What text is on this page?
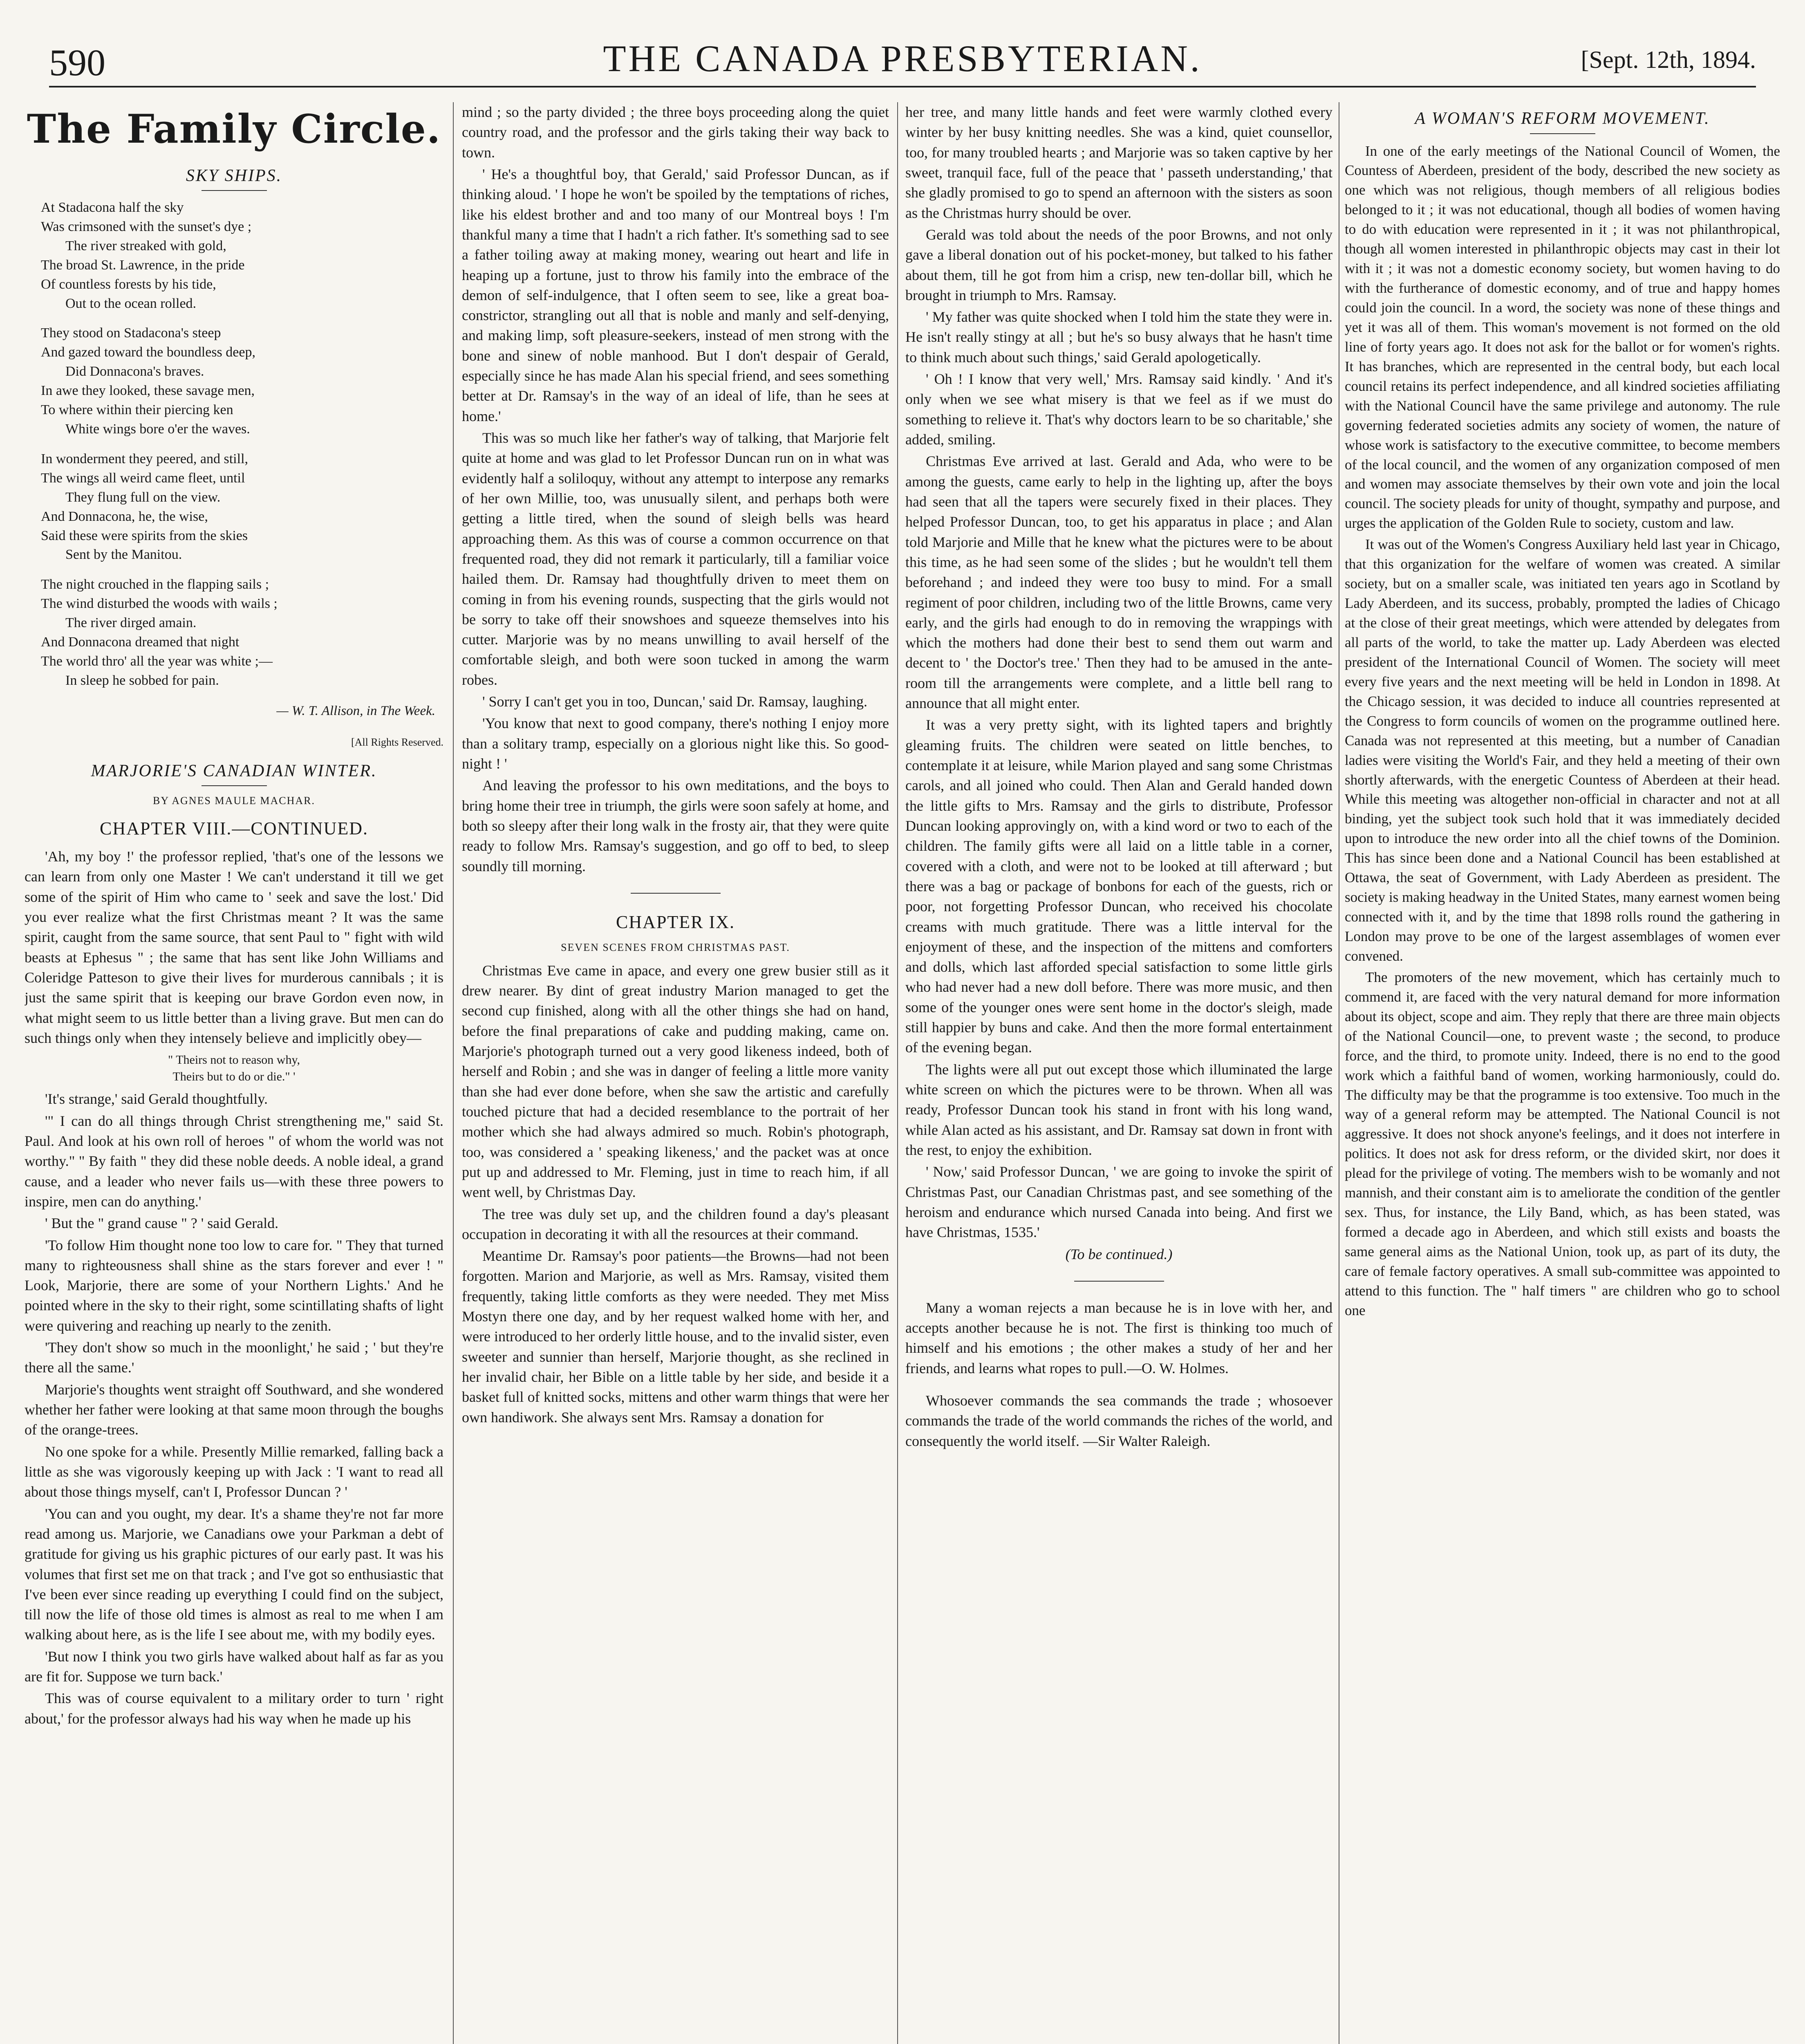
590	THE CANADA PRESBYTERIAN.	[Sept. 12th, 1894.
The Family Circle.
SKY SHIPS.
At Stadacona half the sky
Was crimsoned with the sunset's dye ;
The river streaked with gold,
The broad St. Lawrence, in the pride
Of countless forests by his tide,
Out to the ocean rolled.
They stood on Stadacona's steep
And gazed toward the boundless deep,
Did Donnacona's braves.
In awe they looked, these savage men,
To where within their piercing ken
White wings bore o'er the waves.
In wonderment they peered, and still,
The wings all weird came fleet, until
They flung full on the view.
And Donnacona, he, the wise,
Said these were spirits from the skies
Sent by the Manitou.
The night crouched in the flapping sails ;
The wind disturbed the woods with wails ;
The river dirged amain.
And Donnacona dreamed that night
The world thro' all the year was white ;—
In sleep he sobbed for pain.
— W. T. Allison, in The Week.
[All Rights Reserved.
MARJORIE'S CANADIAN WINTER.
BY AGNES MAULE MACHAR.
CHAPTER VIII.—CONTINUED.

'Ah, my boy !' the professor replied, 'that's one of the lessons we can learn from only one Master ! We can't understand it till we get some of the spirit of Him who came to ' seek and save the lost.' Did you ever realize what the first Christmas meant ? It was the same spirit, caught from the same source, that sent Paul to " fight with wild beasts at Ephesus " ; the same that has sent like John Williams and Coleridge Patteson to give their lives for murderous cannibals ; it is just the same spirit that is keeping our brave Gordon even now, in what might seem to us little better than a living grave. But men can do such things only when they intensely believe and implicitly obey—

" Theirs not to reason why,
Theirs but to do or die." '

'It's strange,' said Gerald thoughtfully.

'" I can do all things through Christ strengthening me," said St. Paul. And look at his own roll of heroes " of whom the world was not worthy." " By faith " they did these noble deeds. A noble ideal, a grand cause, and a leader who never fails us—with these three powers to inspire, men can do anything.'

' But the " grand cause " ? ' said Gerald.

'To follow Him thought none too low to care for. " They that turned many to righteousness shall shine as the stars forever and ever ! " Look, Marjorie, there are some of your Northern Lights.' And he pointed where in the sky to their right, some scintillating shafts of light were quivering and reaching up nearly to the zenith.

'They don't show so much in the moonlight,' he said ; ' but they're there all the same.'

Marjorie's thoughts went straight off Southward, and she wondered whether her father were looking at that same moon through the boughs of the orange-trees.

No one spoke for a while. Presently Millie remarked, falling back a little as she was vigorously keeping up with Jack : 'I want to read all about those things myself, can't I, Professor Duncan ? '

'You can and you ought, my dear. It's a shame they're not far more read among us. Marjorie, we Canadians owe your Parkman a debt of gratitude for giving us his graphic pictures of our early past. It was his volumes that first set me on that track ; and I've got so enthusiastic that I've been ever since reading up everything I could find on the subject, till now the life of those old times is almost as real to me when I am walking about here, as is the life I see about me, with my bodily eyes.

'But now I think you two girls have walked about half as far as you are fit for. Suppose we turn back.'

This was of course equivalent to a military order to turn ' right about,' for the professor always had his way when he made up his

mind ; so the party divided ; the three boys proceeding along the quiet country road, and the professor and the girls taking their way back to town.

' He's a thoughtful boy, that Gerald,' said Professor Duncan, as if thinking aloud. ' I hope he won't be spoiled by the temptations of riches, like his eldest brother and and too many of our Montreal boys ! I'm thankful many a time that I hadn't a rich father. It's something sad to see a father toiling away at making money, wearing out heart and life in heaping up a fortune, just to throw his family into the embrace of the demon of self-indulgence, that I often seem to see, like a great boa-constrictor, strangling out all that is noble and manly and self-denying, and making limp, soft pleasure-seekers, instead of men strong with the bone and sinew of noble manhood. But I don't despair of Gerald, especially since he has made Alan his special friend, and sees something better at Dr. Ramsay's in the way of an ideal of life, than he sees at home.'

This was so much like her father's way of talking, that Marjorie felt quite at home and was glad to let Professor Duncan run on in what was evidently half a soliloquy, without any attempt to interpose any remarks of her own Millie, too, was unusually silent, and perhaps both were getting a little tired, when the sound of sleigh bells was heard approaching them. As this was of course a common occurrence on that frequented road, they did not remark it particularly, till a familiar voice hailed them. Dr. Ramsay had thoughtfully driven to meet them on coming in from his evening rounds, suspecting that the girls would not be sorry to take off their snowshoes and squeeze themselves into his cutter. Marjorie was by no means unwilling to avail herself of the comfortable sleigh, and both were soon tucked in among the warm robes.

' Sorry I can't get you in too, Duncan,' said Dr. Ramsay, laughing.

'You know that next to good company, there's nothing I enjoy more than a solitary tramp, especially on a glorious night like this. So good-night ! '

And leaving the professor to his own meditations, and the boys to bring home their tree in triumph, the girls were soon safely at home, and both so sleepy after their long walk in the frosty air, that they were quite ready to follow Mrs. Ramsay's suggestion, and go off to bed, to sleep soundly till morning.

CHAPTER IX.
SEVEN SCENES FROM CHRISTMAS PAST.

Christmas Eve came in apace, and every one grew busier still as it drew nearer. By dint of great industry Marion managed to get the second cup finished, along with all the other things she had on hand, before the final preparations of cake and pudding making, came on. Marjorie's photograph turned out a very good likeness indeed, both of herself and Robin ; and she was in danger of feeling a little more vanity than she had ever done before, when she saw the artistic and carefully touched picture that had a decided resemblance to the portrait of her mother which she had always admired so much. Robin's photograph, too, was considered a ' speaking likeness,' and the packet was at once put up and addressed to Mr. Fleming, just in time to reach him, if all went well, by Christmas Day.

The tree was duly set up, and the children found a day's pleasant occupation in decorating it with all the resources at their command.

Meantime Dr. Ramsay's poor patients—the Browns—had not been forgotten. Marion and Marjorie, as well as Mrs. Ramsay, visited them frequently, taking little comforts as they were needed. They met Miss Mostyn there one day, and by her request walked home with her, and were introduced to her orderly little house, and to the invalid sister, even sweeter and sunnier than herself, Marjorie thought, as she reclined in her invalid chair, her Bible on a little table by her side, and beside it a basket full of knitted socks, mittens and other warm things that were her own handiwork. She always sent Mrs. Ramsay a donation for

her tree, and many little hands and feet were warmly clothed every winter by her busy knitting needles. She was a kind, quiet counsellor, too, for many troubled hearts ; and Marjorie was so taken captive by her sweet, tranquil face, full of the peace that ' passeth understanding,' that she gladly promised to go to spend an afternoon with the sisters as soon as the Christmas hurry should be over.

Gerald was told about the needs of the poor Browns, and not only gave a liberal donation out of his pocket-money, but talked to his father about them, till he got from him a crisp, new ten-dollar bill, which he brought in triumph to Mrs. Ramsay.

' My father was quite shocked when I told him the state they were in. He isn't really stingy at all ; but he's so busy always that he hasn't time to think much about such things,' said Gerald apologetically.

' Oh ! I know that very well,' Mrs. Ramsay said kindly. ' And it's only when we see what misery is that we feel as if we must do something to relieve it. That's why doctors learn to be so charitable,' she added, smiling.

Christmas Eve arrived at last. Gerald and Ada, who were to be among the guests, came early to help in the lighting up, after the boys had seen that all the tapers were securely fixed in their places. They helped Professor Duncan, too, to get his apparatus in place ; and Alan told Marjorie and Mille that he knew what the pictures were to be about this time, as he had seen some of the slides ; but he wouldn't tell them beforehand ; and indeed they were too busy to mind. For a small regiment of poor children, including two of the little Browns, came very early, and the girls had enough to do in removing the wrappings with which the mothers had done their best to send them out warm and decent to ' the Doctor's tree.' Then they had to be amused in the ante-room till the arrangements were complete, and a little bell rang to announce that all might enter.

It was a very pretty sight, with its lighted tapers and brightly gleaming fruits. The children were seated on little benches, to contemplate it at leisure, while Marion played and sang some Christmas carols, and all joined who could. Then Alan and Gerald handed down the little gifts to Mrs. Ramsay and the girls to distribute, Professor Duncan looking approvingly on, with a kind word or two to each of the children. The family gifts were all laid on a little table in a corner, covered with a cloth, and were not to be looked at till afterward ; but there was a bag or package of bonbons for each of the guests, rich or poor, not forgetting Professor Duncan, who received his chocolate creams with much gratitude. There was a little interval for the enjoyment of these, and the inspection of the mittens and comforters and dolls, which last afforded special satisfaction to some little girls who had never had a new doll before. There was more music, and then some of the younger ones were sent home in the doctor's sleigh, made still happier by buns and cake. And then the more formal entertainment of the evening began.

The lights were all put out except those which illuminated the large white screen on which the pictures were to be thrown. When all was ready, Professor Duncan took his stand in front with his long wand, while Alan acted as his assistant, and Dr. Ramsay sat down in front with the rest, to enjoy the exhibition.

' Now,' said Professor Duncan, ' we are going to invoke the spirit of Christmas Past, our Canadian Christmas past, and see something of the heroism and endurance which nursed Canada into being. And first we have Christmas, 1535.'

(To be continued.)

Many a woman rejects a man because he is in love with her, and accepts another because he is not. The first is thinking too much of himself and his emotions ; the other makes a study of her and her friends, and learns what ropes to pull.—O. W. Holmes.

Whosoever commands the sea commands the trade ; whosoever commands the trade of the world commands the riches of the world, and consequently the world itself. —Sir Walter Raleigh.

A WOMAN'S REFORM MOVEMENT.

In one of the early meetings of the National Council of Women, the Countess of Aberdeen, president of the body, described the new society as one which was not religious, though members of all religious bodies belonged to it ; it was not educational, though all bodies of women having to do with education were represented in it ; it was not philanthropical, though all women interested in philanthropic objects may cast in their lot with it ; it was not a domestic economy society, but women having to do with the furtherance of domestic economy, and of true and happy homes could join the council. In a word, the society was none of these things and yet it was all of them. This woman's movement is not formed on the old line of forty years ago. It does not ask for the ballot or for women's rights. It has branches, which are represented in the central body, but each local council retains its perfect independence, and all kindred societies affiliating with the National Council have the same privilege and autonomy. The rule governing federated societies admits any society of women, the nature of whose work is satisfactory to the executive committee, to become members of the local council, and the women of any organization composed of men and women may associate themselves by their own vote and join the local council. The society pleads for unity of thought, sympathy and purpose, and urges the application of the Golden Rule to society, custom and law.

It was out of the Women's Congress Auxiliary held last year in Chicago, that this organization for the welfare of women was created. A similar society, but on a smaller scale, was initiated ten years ago in Scotland by Lady Aberdeen, and its success, probably, prompted the ladies of Chicago at the close of their great meetings, which were attended by delegates from all parts of the world, to take the matter up. Lady Aberdeen was elected president of the International Council of Women. The society will meet every five years and the next meeting will be held in London in 1898. At the Chicago session, it was decided to induce all countries represented at the Congress to form councils of women on the programme outlined here. Canada was not represented at this meeting, but a number of Canadian ladies were visiting the World's Fair, and they held a meeting of their own shortly afterwards, with the energetic Countess of Aberdeen at their head. While this meeting was altogether non-official in character and not at all binding, yet the subject took such hold that it was immediately decided upon to introduce the new order into all the chief towns of the Dominion. This has since been done and a National Council has been established at Ottawa, the seat of Government, with Lady Aberdeen as president. The society is making headway in the United States, many earnest women being connected with it, and by the time that 1898 rolls round the gathering in London may prove to be one of the largest assemblages of women ever convened.

The promoters of the new movement, which has certainly much to commend it, are faced with the very natural demand for more information about its object, scope and aim. They reply that there are three main objects of the National Council—one, to prevent waste ; the second, to produce force, and the third, to promote unity. Indeed, there is no end to the good work which a faithful band of women, working harmoniously, could do. The difficulty may be that the programme is too extensive. Too much in the way of a general reform may be attempted. The National Council is not aggressive. It does not shock anyone's feelings, and it does not interfere in politics. It does not ask for dress reform, or the divided skirt, nor does it plead for the privilege of voting. The members wish to be womanly and not mannish, and their constant aim is to ameliorate the condition of the gentler sex. Thus, for instance, the Lily Band, which, as has been stated, was formed a decade ago in Aberdeen, and which still exists and boasts the same general aims as the National Union, took up, as part of its duty, the care of female factory operatives. A small sub-committee was appointed to attend to this function. The " half timers " are children who go to school one
